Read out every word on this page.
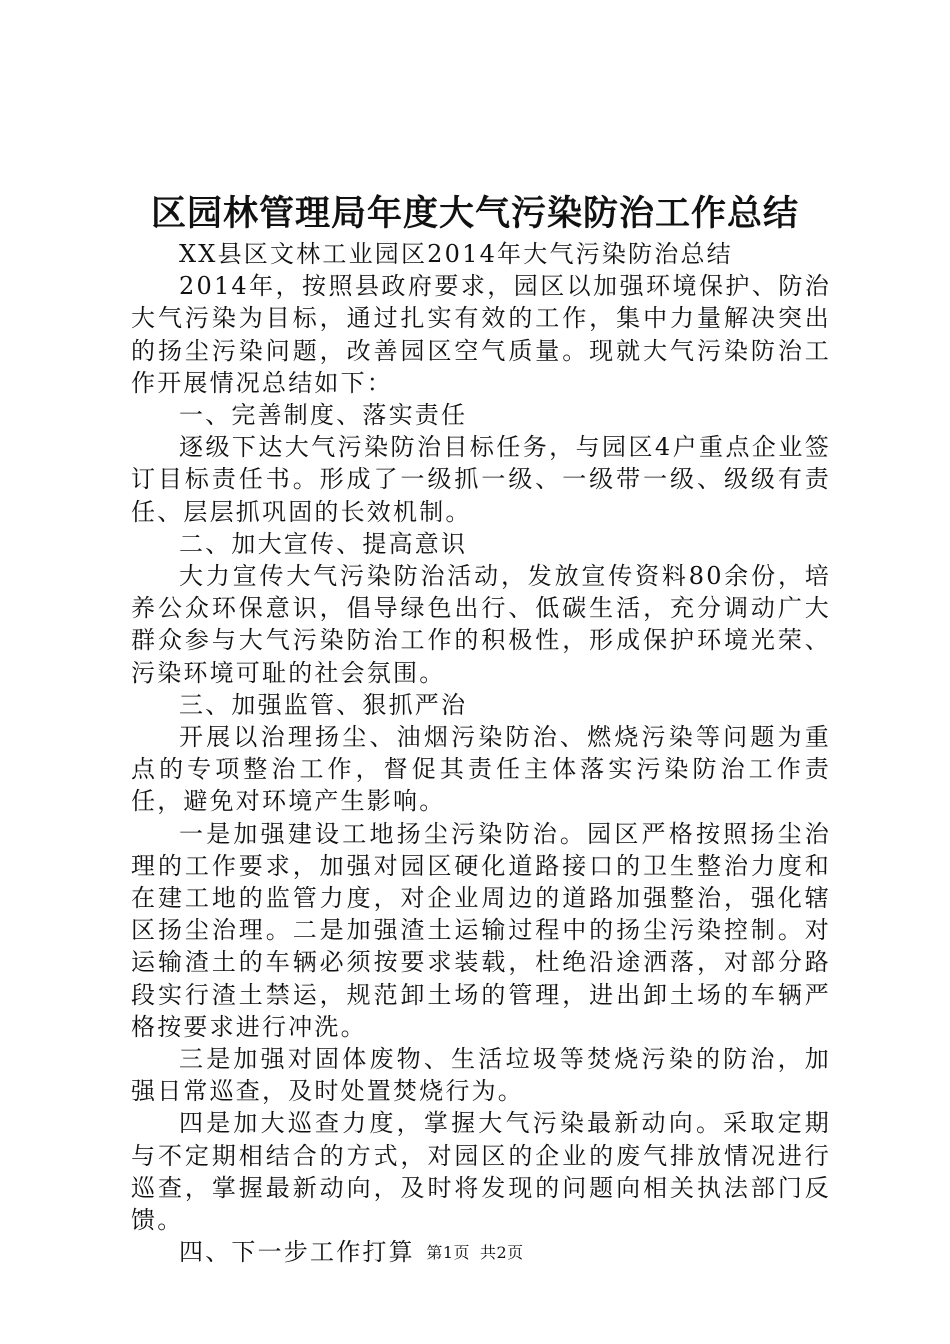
区园林管理局年度大气污染防治工作总结

XX县区文林工业园区2014年大气污染防治总结

2014年，按照县政府要求，园区以加强环境保护、防治大气污染为目标，通过扎实有效的工作，集中力量解决突出的扬尘污染问题，改善园区空气质量。现就大气污染防治工作开展情况总结如下：

一、完善制度、落实责任

逐级下达大气污染防治目标任务，与园区4户重点企业签订目标责任书。形成了一级抓一级、一级带一级、级级有责任、层层抓巩固的长效机制。

二、加大宣传、提高意识

大力宣传大气污染防治活动，发放宣传资料80余份，培养公众环保意识，倡导绿色出行、低碳生活，充分调动广大群众参与大气污染防治工作的积极性，形成保护环境光荣、污染环境可耻的社会氛围。

三、加强监管、狠抓严治

开展以治理扬尘、油烟污染防治、燃烧污染等问题为重点的专项整治工作，督促其责任主体落实污染防治工作责任，避免对环境产生影响。

一是加强建设工地扬尘污染防治。园区严格按照扬尘治理的工作要求，加强对园区硬化道路接口的卫生整治力度和在建工地的监管力度，对企业周边的道路加强整治，强化辖区扬尘治理。二是加强渣土运输过程中的扬尘污染控制。对运输渣土的车辆必须按要求装载，杜绝沿途洒落，对部分路段实行渣土禁运，规范卸土场的管理，进出卸土场的车辆严格按要求进行冲洗。

三是加强对固体废物、生活垃圾等焚烧污染的防治，加强日常巡查，及时处置焚烧行为。

四是加大巡查力度，掌握大气污染最新动向。采取定期与不定期相结合的方式，对园区的企业的废气排放情况进行巡查，掌握最新动向，及时将发现的问题向相关执法部门反馈。

四、下一步工作打算 第1页 共2页
